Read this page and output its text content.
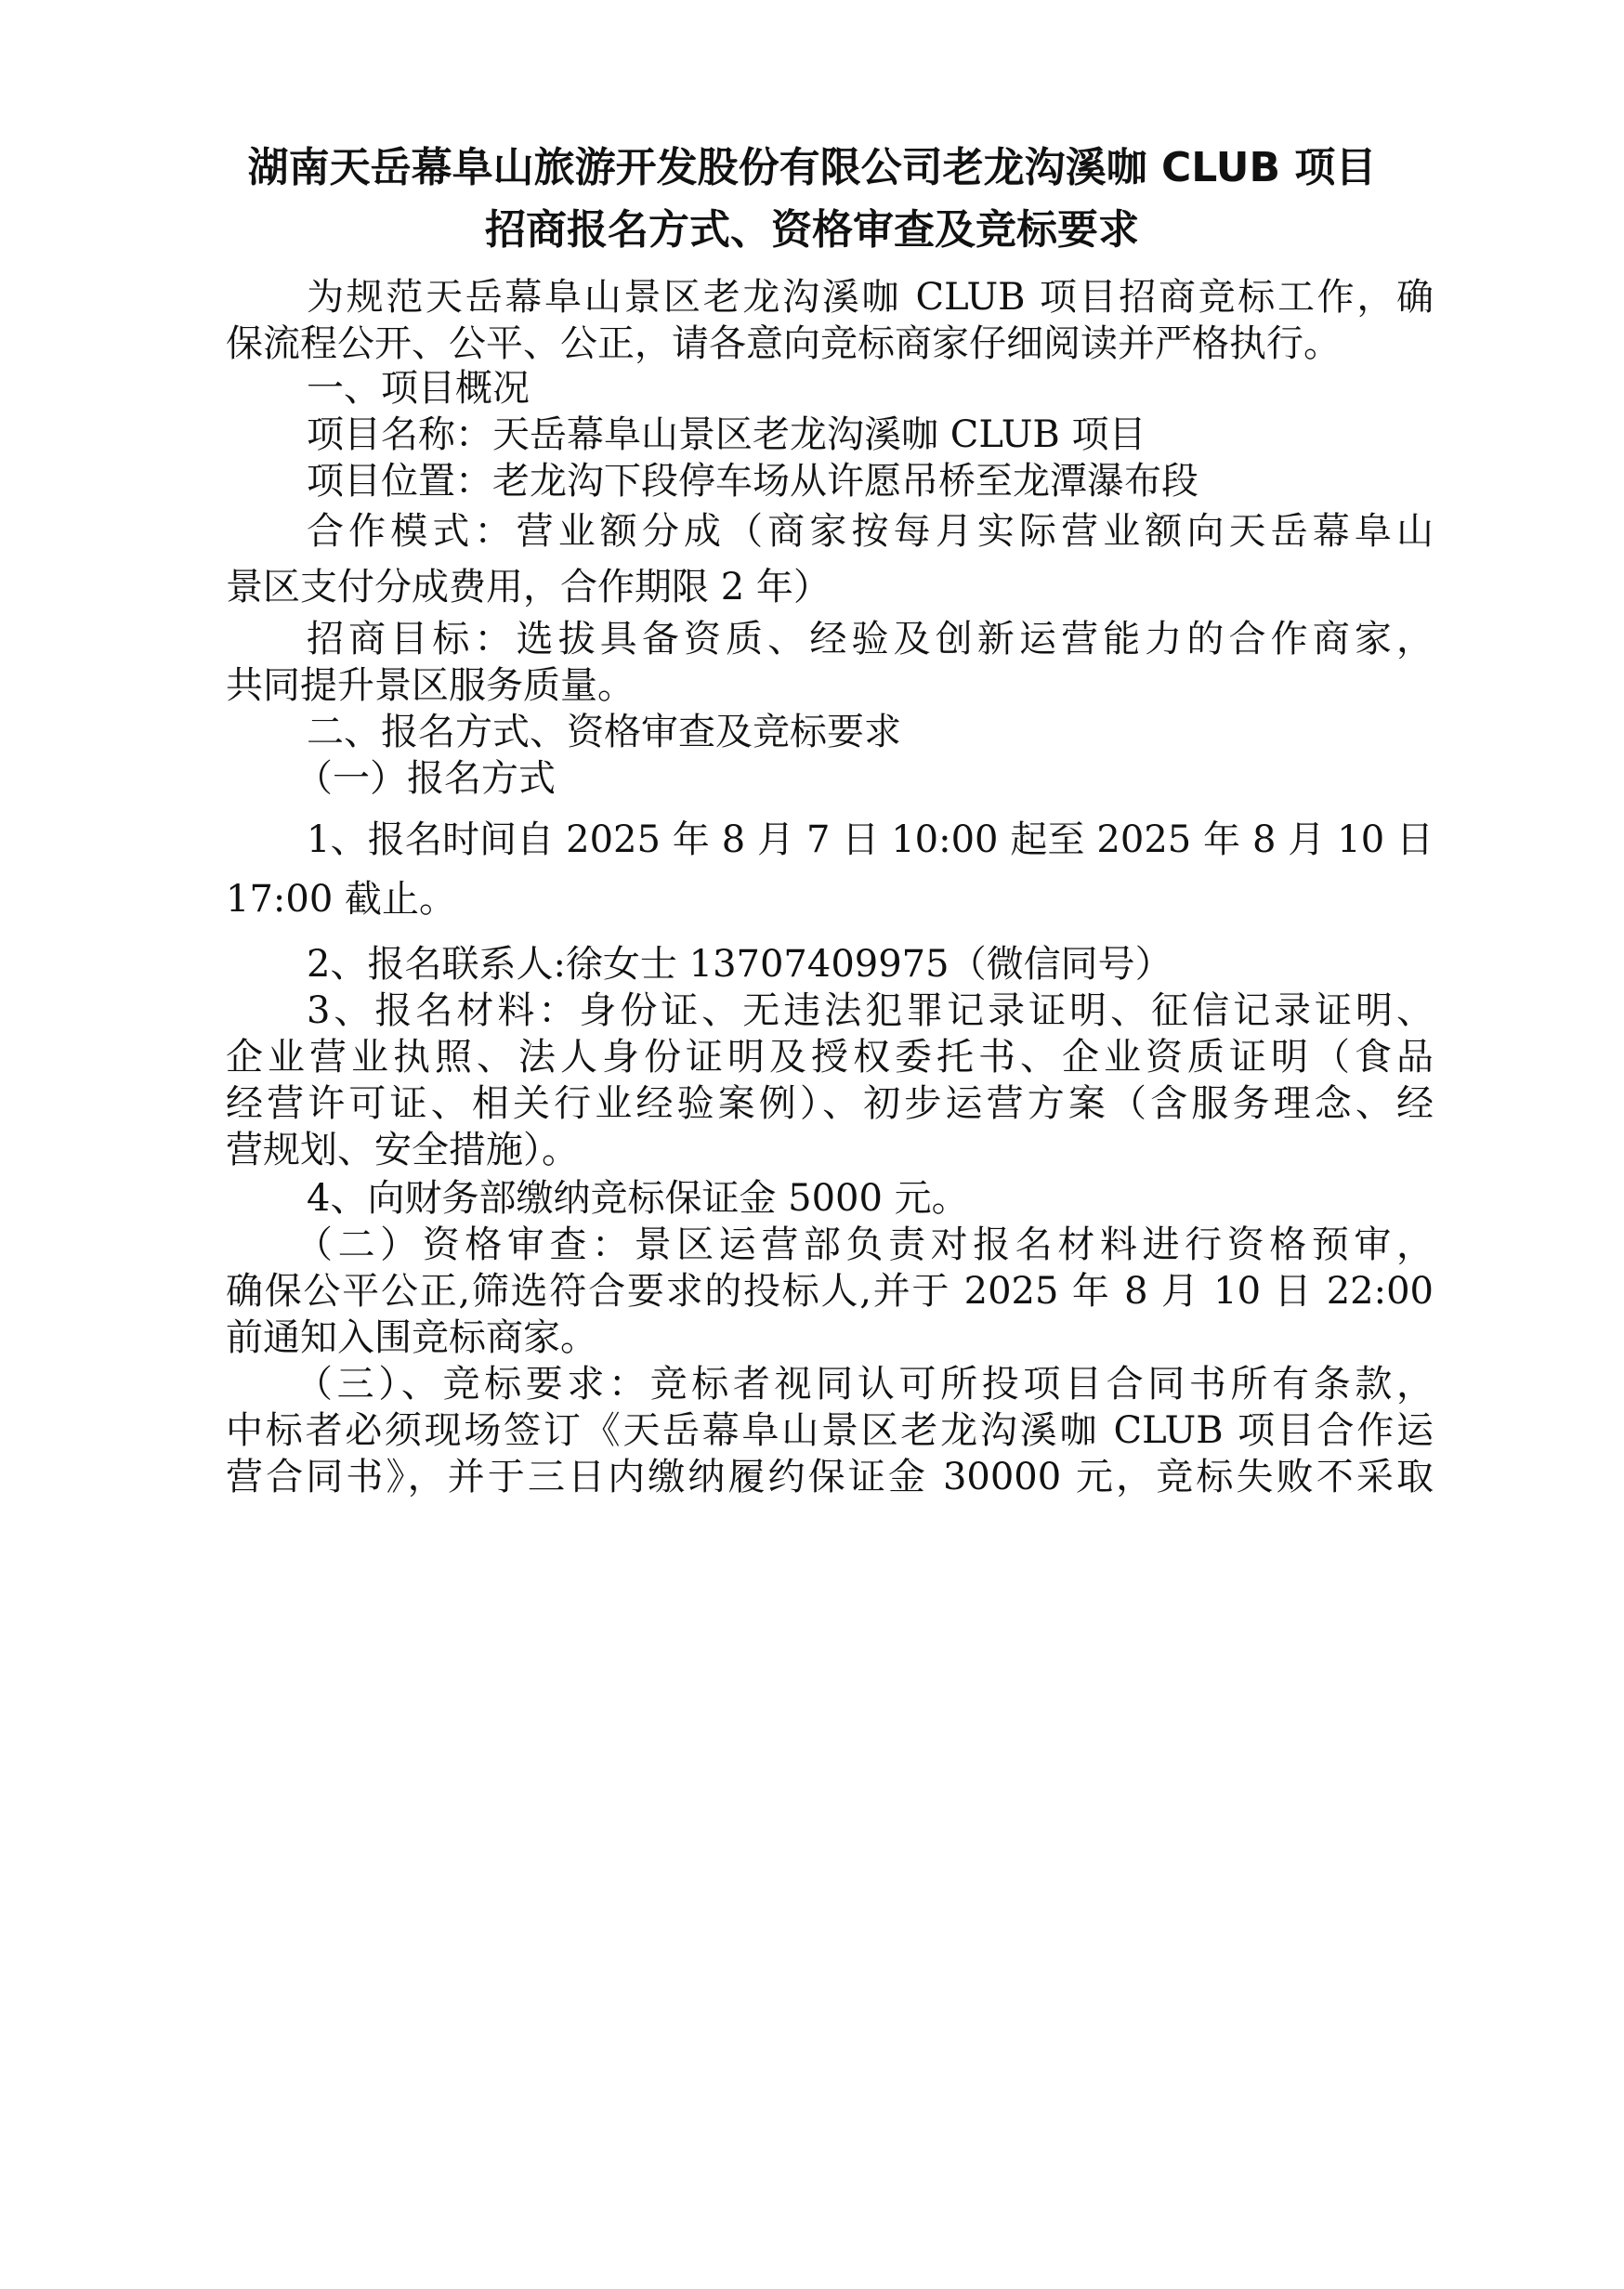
湖南天岳幕阜山旅游开发股份有限公司老龙沟溪咖 CLUB 项目
招商报名方式、资格审查及竞标要求
为规范天岳幕阜山景区老龙沟溪咖 CLUB 项目招商竞标工作，确
保流程公开、公平、公正，请各意向竞标商家仔细阅读并严格执行。
一、项目概况
项目名称：天岳幕阜山景区老龙沟溪咖 CLUB 项目
项目位置：老龙沟下段停车场从许愿吊桥至龙潭瀑布段
合作模式：营业额分成（商家按每月实际营业额向天岳幕阜山
景区支付分成费用，合作期限 2 年）
招商目标：选拔具备资质、经验及创新运营能力的合作商家，
共同提升景区服务质量。
二、报名方式、资格审查及竞标要求
（一）报名方式
1、报名时间自 2025 年 8 月 7 日 10:00 起至 2025 年 8 月 10 日
17:00 截止。
2、报名联系人:徐女士 13707409975（微信同号）
3、报名材料：身份证、无违法犯罪记录证明、征信记录证明、
企业营业执照、法人身份证明及授权委托书、企业资质证明（食品
经营许可证、相关行业经验案例）、初步运营方案（含服务理念、经
营规划、安全措施）。
4、向财务部缴纳竞标保证金 5000 元。
（二）资格审查：景区运营部负责对报名材料进行资格预审，
确保公平公正,筛选符合要求的投标人,并于 2025 年 8 月 10 日 22:00
前通知入围竞标商家。
（三）、竞标要求：竞标者视同认可所投项目合同书所有条款，
中标者必须现场签订《天岳幕阜山景区老龙沟溪咖 CLUB 项目合作运
营合同书》，并于三日内缴纳履约保证金 30000 元，竞标失败不采取
